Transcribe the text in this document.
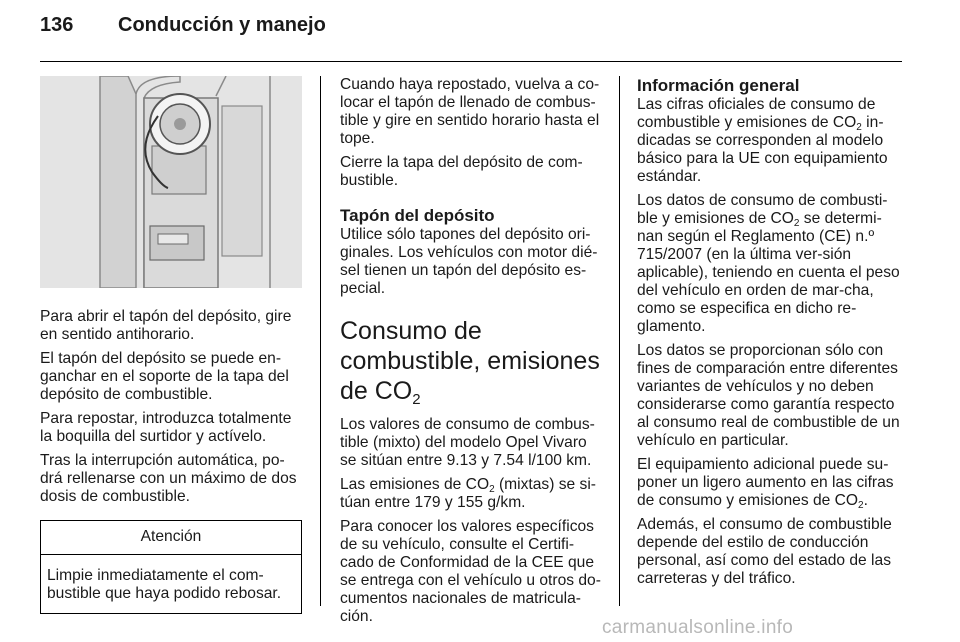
136 Conducción y manejo

Para abrir el tapón del depósito, gire en sentido antihorario.

El tapón del depósito se puede en-ganchar en el soporte de la tapa del depósito de combustible.

Para repostar, introduzca totalmente la boquilla del surtidor y actívelo.

Tras la interrupción automática, po-drá rellenarse con un máximo de dos dosis de combustible.

Atención
Limpie inmediatamente el com-bustible que haya podido rebosar.

Cuando haya repostado, vuelva a co-locar el tapón de llenado de combus-tible y gire en sentido horario hasta el tope.

Cierre la tapa del depósito de com-bustible.

Tapón del depósito

Utilice sólo tapones del depósito ori-ginales. Los vehículos con motor dié-sel tienen un tapón del depósito es-pecial.

Consumo de combustible, emisiones de $CO_2$

Los valores de consumo de combus-tible (mixto) del modelo Opel Vivaro se sitúan entre 9.13 y 7.54 l/100 km.

Las emisiones de $CO_2$ (mixtas) se si-túan entre 179 y 155 g/km.

Para conocer los valores específicos de su vehículo, consulte el Certifi-cado de Conformidad de la CEE que se entrega con el vehículo u otros do-cumentos nacionales de matricula-ción.

Información general

Las cifras oficiales de consumo de combustible y emisiones de $CO_2$ in-dicadas se corresponden al modelo básico para la UE con equipamiento estándar.

Los datos de consumo de combusti-ble y emisiones de $CO_2$ se determi-nan según el Reglamento (CE) n.º 715/2007 (en la última ver-sión aplicable), teniendo en cuenta el peso del vehículo en orden de mar-cha, como se especifica en dicho re-glamento.

Los datos se proporcionan sólo con fines de comparación entre diferentes variantes de vehículos y no deben considerarse como garantía respecto al consumo real de combustible de un vehículo en particular.

El equipamiento adicional puede su-poner un ligero aumento en las cifras de consumo y emisiones de $CO_2$.

Además, el consumo de combustible depende del estilo de conducción personal, así como del estado de las carreteras y del tráfico.

carmanualsonline.info
